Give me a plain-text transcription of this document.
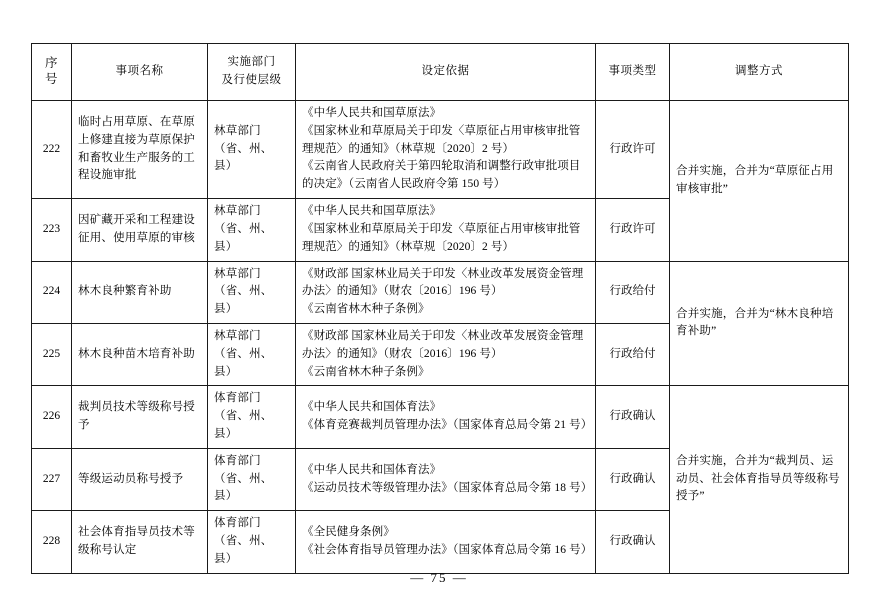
序
号
	事项名称	
实施部门
及行使层级
	设定依据	事项类型	调整方式
222	临时占用草原、在草原上修建直接为草原保护和畜牧业生产服务的工程设施审批	林草部门（省、州、县）	《中华人民共和国草原法》
《国家林业和草原局关于印发〈草原征占用审核审批管理规范〉的通知》（林草规〔2020〕2 号）
《云南省人民政府关于第四轮取消和调整行政审批项目的决定》（云南省人民政府令第 150 号）	行政许可	合并实施，合并为“草原征占用审核审批”
223	因矿藏开采和工程建设征用、使用草原的审核	林草部门（省、州、县）	《中华人民共和国草原法》
《国家林业和草原局关于印发〈草原征占用审核审批管理规范〉的通知》（林草规〔2020〕2 号）	行政许可	
224	林木良种繁育补助	林草部门（省、州、县）	《财政部 国家林业局关于印发〈林业改革发展资金管理办法〉的通知》（财农〔2016〕196 号）
《云南省林木种子条例》	行政给付	合并实施，合并为“林木良种培育补助”
225	林木良种苗木培育补助	林草部门（省、州、县）	《财政部 国家林业局关于印发〈林业改革发展资金管理办法〉的通知》（财农〔2016〕196 号）
《云南省林木种子条例》	行政给付	
226	裁判员技术等级称号授予	体育部门（省、州、县）	《中华人民共和国体育法》
《体育竞赛裁判员管理办法》（国家体育总局令第 21 号）	行政确认	合并实施，合并为“裁判员、运动员、社会体育指导员等级称号授予”
227	等级运动员称号授予	体育部门（省、州、县）	《中华人民共和国体育法》
《运动员技术等级管理办法》（国家体育总局令第 18 号）	行政确认	
228	社会体育指导员技术等级称号认定	体育部门（省、州、县）	《全民健身条例》
《社会体育指导员管理办法》（国家体育总局令第 16 号）	行政确认	
— 75 —
